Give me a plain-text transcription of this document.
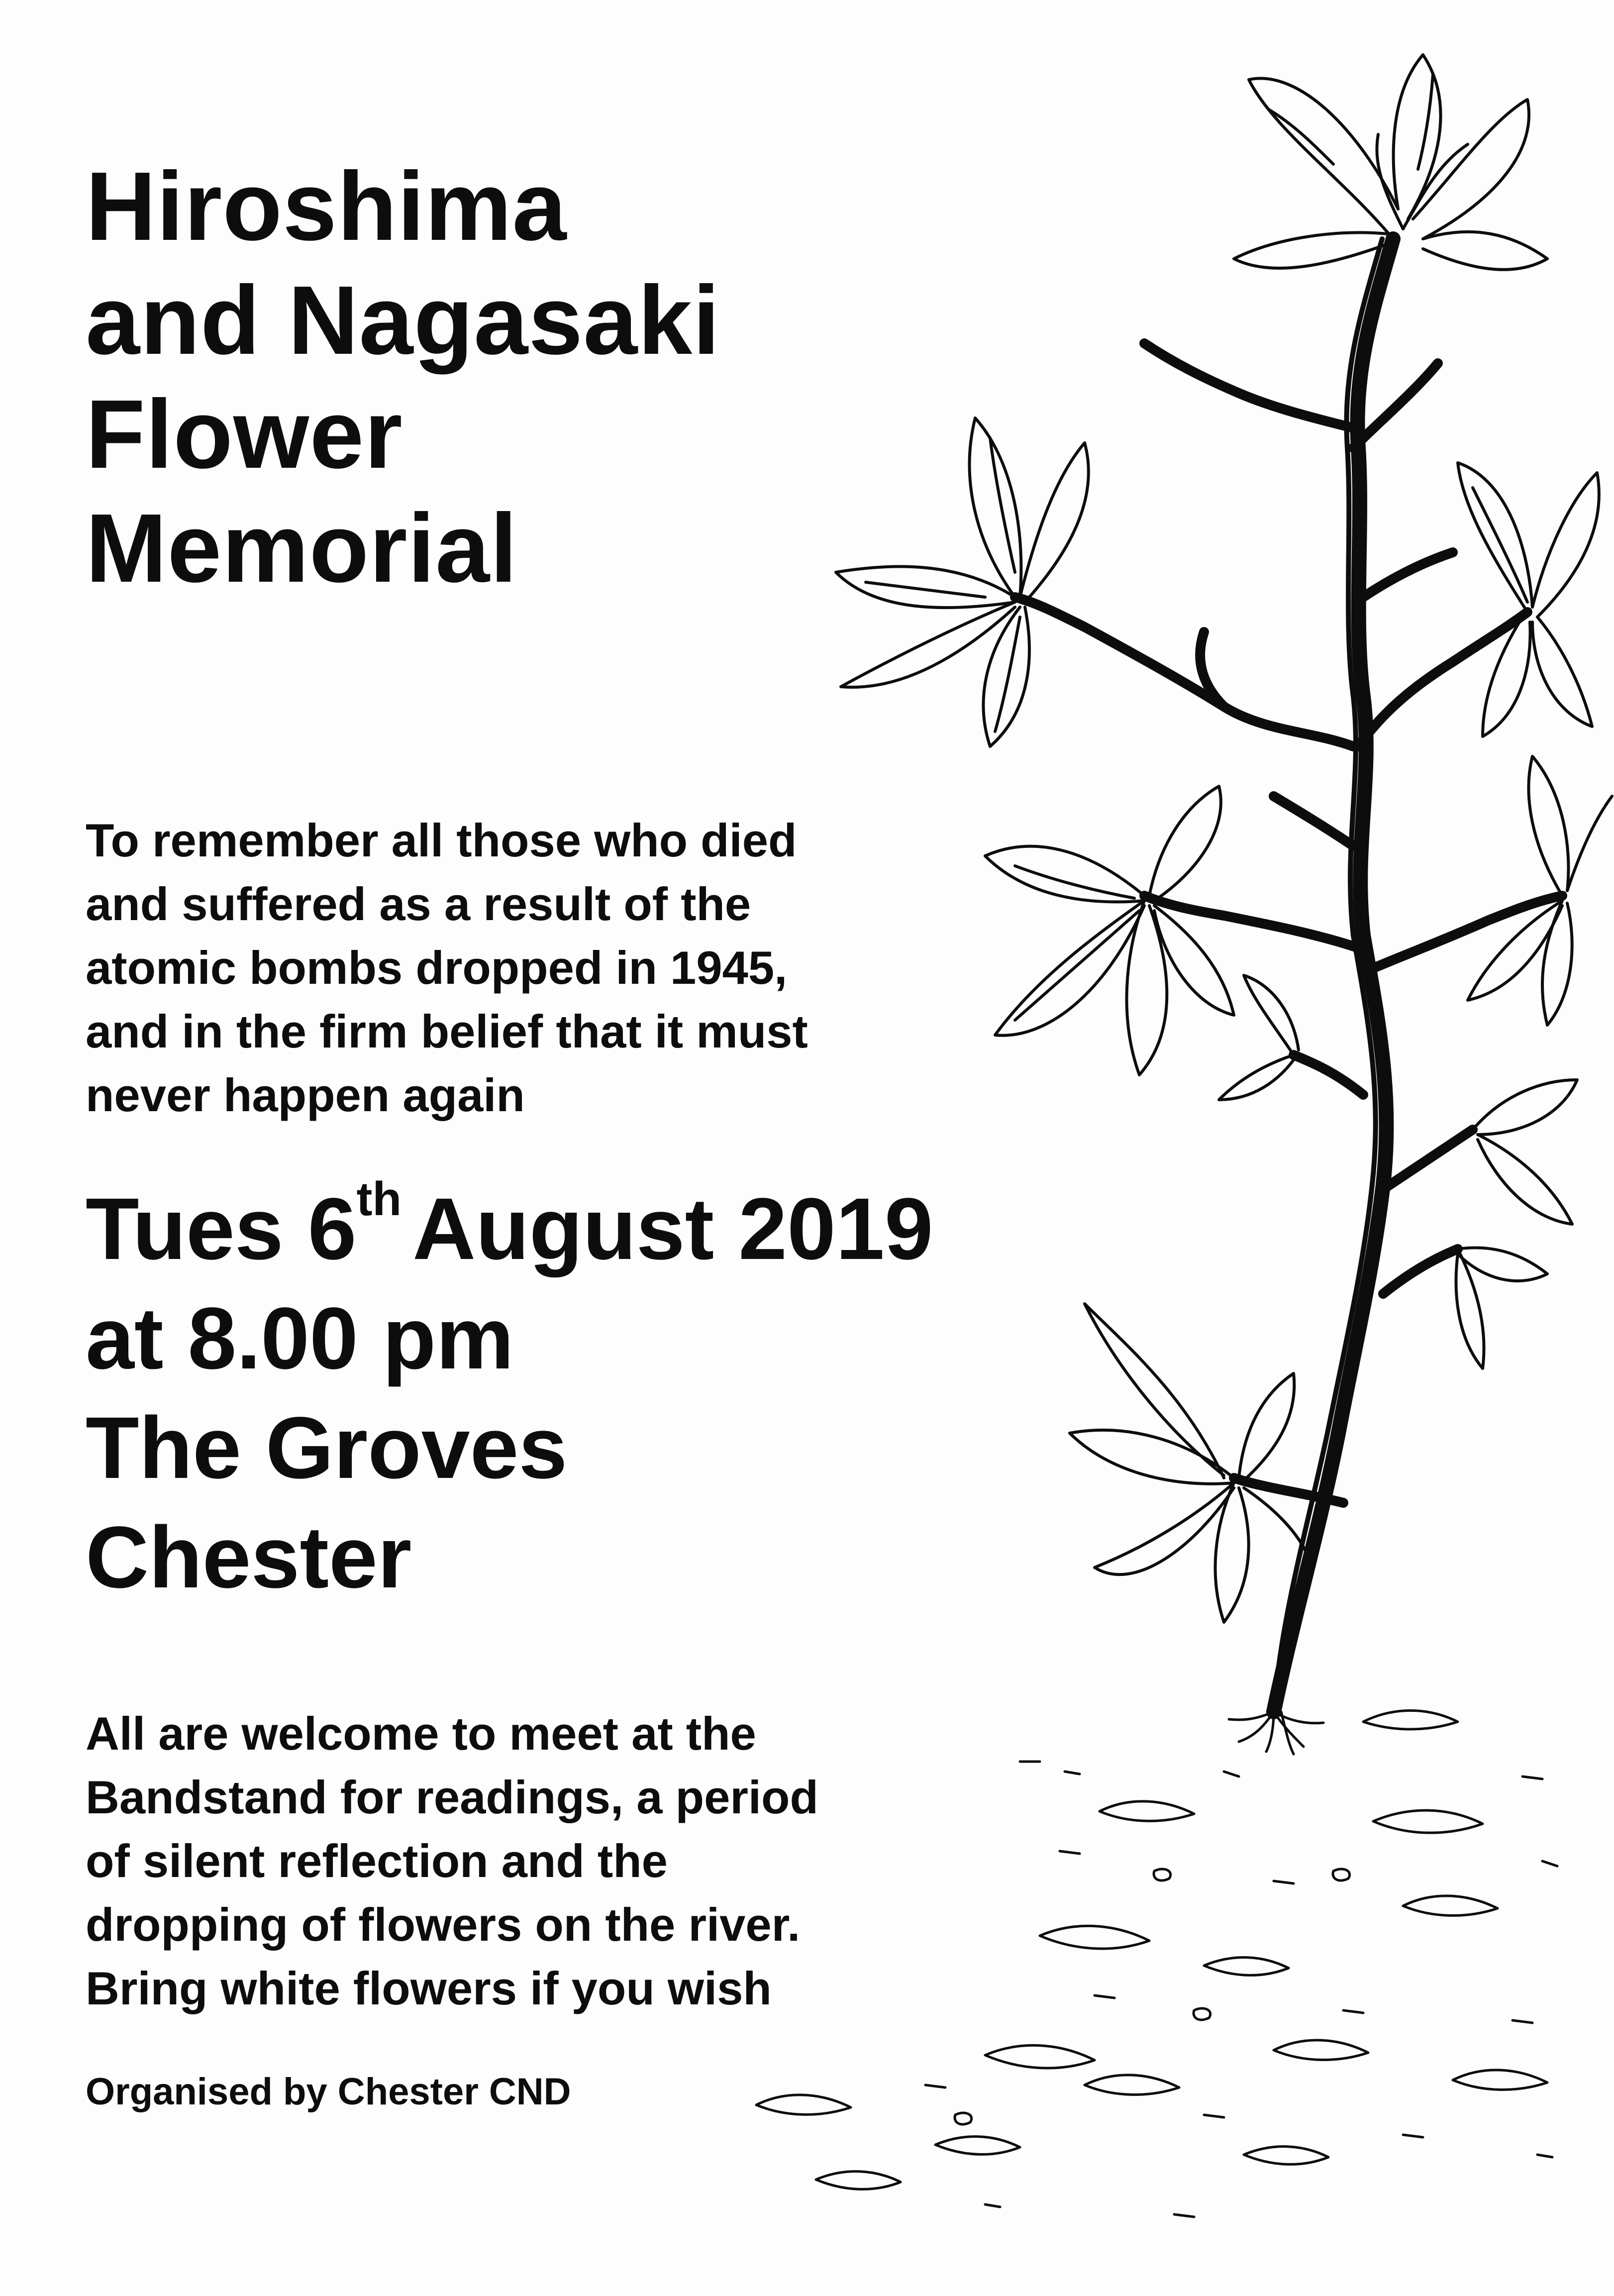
Hiroshima
and Nagasaki
Flower
Memorial

To remember all those who died
and suffered as a result of the
atomic bombs dropped in 1945,
and in the firm belief that it must
never happen again

Tues 6th August 2019
at 8.00 pm
The Groves
Chester

All are welcome to meet at the
Bandstand for readings, a period
of silent reflection and the
dropping of flowers on the river.
Bring white flowers if you wish

Organised by Chester CND
